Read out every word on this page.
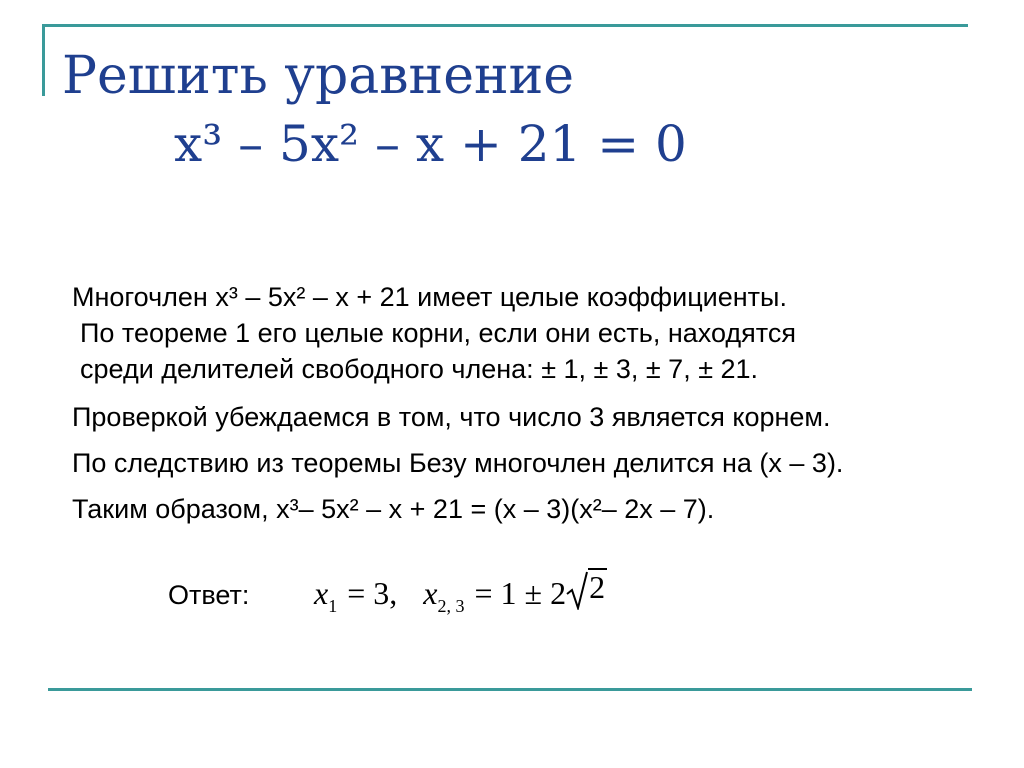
Решить уравнение
x³ – 5x² – x + 21 = 0
Многочлен x³ – 5x² – x + 21 имеет целые коэффициенты.
По теореме 1 его целые корни, если они есть, находятся
среди делителей свободного члена: ± 1, ± 3, ± 7, ± 21.
Проверкой убеждаемся в том, что число 3 является корнем.
По следствию из теоремы Безу многочлен делится на (x – 3).
Таким образом, x³– 5x² – x + 21 = (x – 3)(x²– 2x – 7).
Ответ: x 1 = 3, x 2, 3 = 1 ± 2 2
